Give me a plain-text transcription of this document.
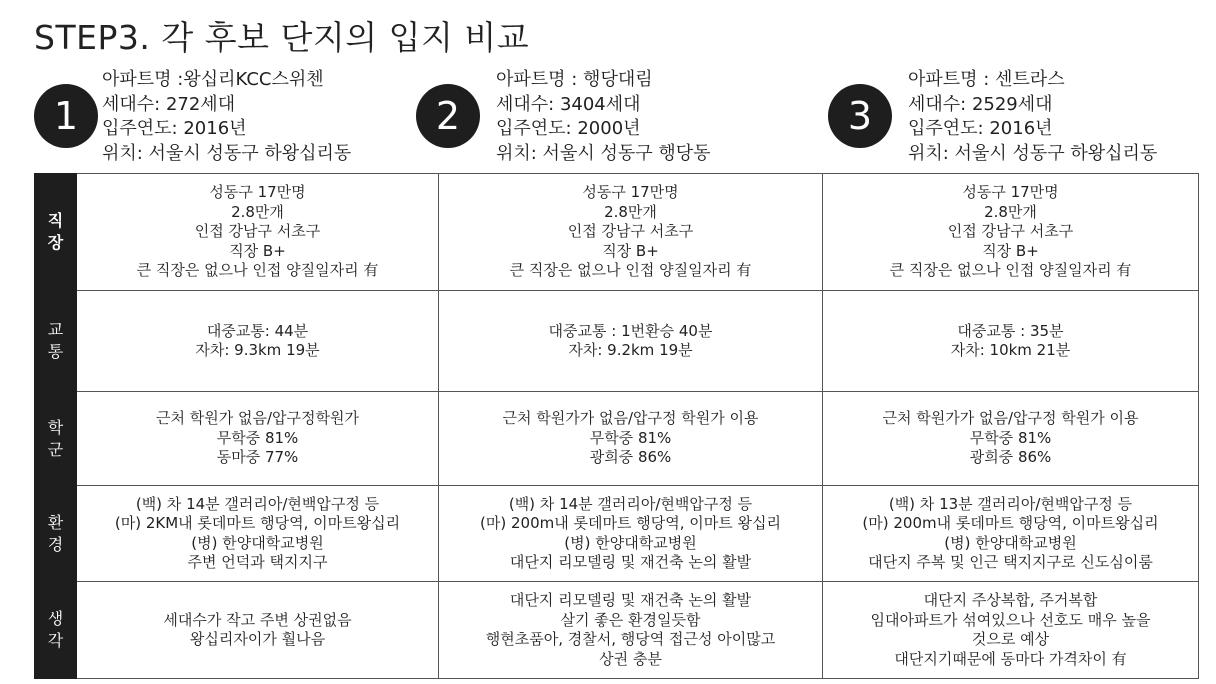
STEP3. 각 후보 단지의 입지 비교
1
아파트명 :왕십리KCC스위첸
세대수: 272세대
입주연도: 2016년
위치: 서울시 성동구 하왕십리동
2
아파트명 : 행당대림
세대수: 3404세대
입주연도: 2000년
위치: 서울시 성동구 행당동
3
아파트명 : 센트라스
세대수: 2529세대
입주연도: 2016년
위치: 서울시 성동구 하왕십리동
직
장	성동구 17만명
2.8만개
인접 강남구 서초구
직장 B+
큰 직장은 없으나 인접 양질일자리 有	성동구 17만명
2.8만개
인접 강남구 서초구
직장 B+
큰 직장은 없으나 인접 양질일자리 有	성동구 17만명
2.8만개
인접 강남구 서초구
직장 B+
큰 직장은 없으나 인접 양질일자리 有

교
통	대중교통: 44분
자차: 9.3km 19분	대중교통 : 1번환승 40분
자차: 9.2km 19분	대중교통 : 35분
자차: 10km 21분

학
군	근처 학원가 없음/압구정학원가
무학중 81%
동마중 77%	근처 학원가가 없음/압구정 학원가 이용
무학중 81%
광희중 86%	근처 학원가가 없음/압구정 학원가 이용
무학중 81%
광희중 86%

환
경	(백) 차 14분 갤러리아/현백압구정 등
(마) 2KM내 롯데마트 행당역, 이마트왕십리
(병) 한양대학교병원
주변 언덕과 택지지구	(백) 차 14분 갤러리아/현백압구정 등
(마) 200m내 롯데마트 행당역, 이마트 왕십리
(병) 한양대학교병원
대단지 리모델링 및 재건축 논의 활발	(백) 차 13분 갤러리아/현백압구정 등
(마) 200m내 롯데마트 행당역, 이마트왕십리
(병) 한양대학교병원
대단지 주복 및 인근 택지지구로 신도심이룸

생
각	세대수가 작고 주변 상권없음
왕십리자이가 훨나음	대단지 리모델링 및 재건축 논의 활발
살기 좋은 환경일듯함
행현초품아, 경찰서, 행당역 접근성 아이많고
상권 충분	대단지 주상복합, 주거복합
임대아파트가 섞여있으나 선호도 매우 높을
것으로 예상
대단지기때문에 동마다 가격차이 有
